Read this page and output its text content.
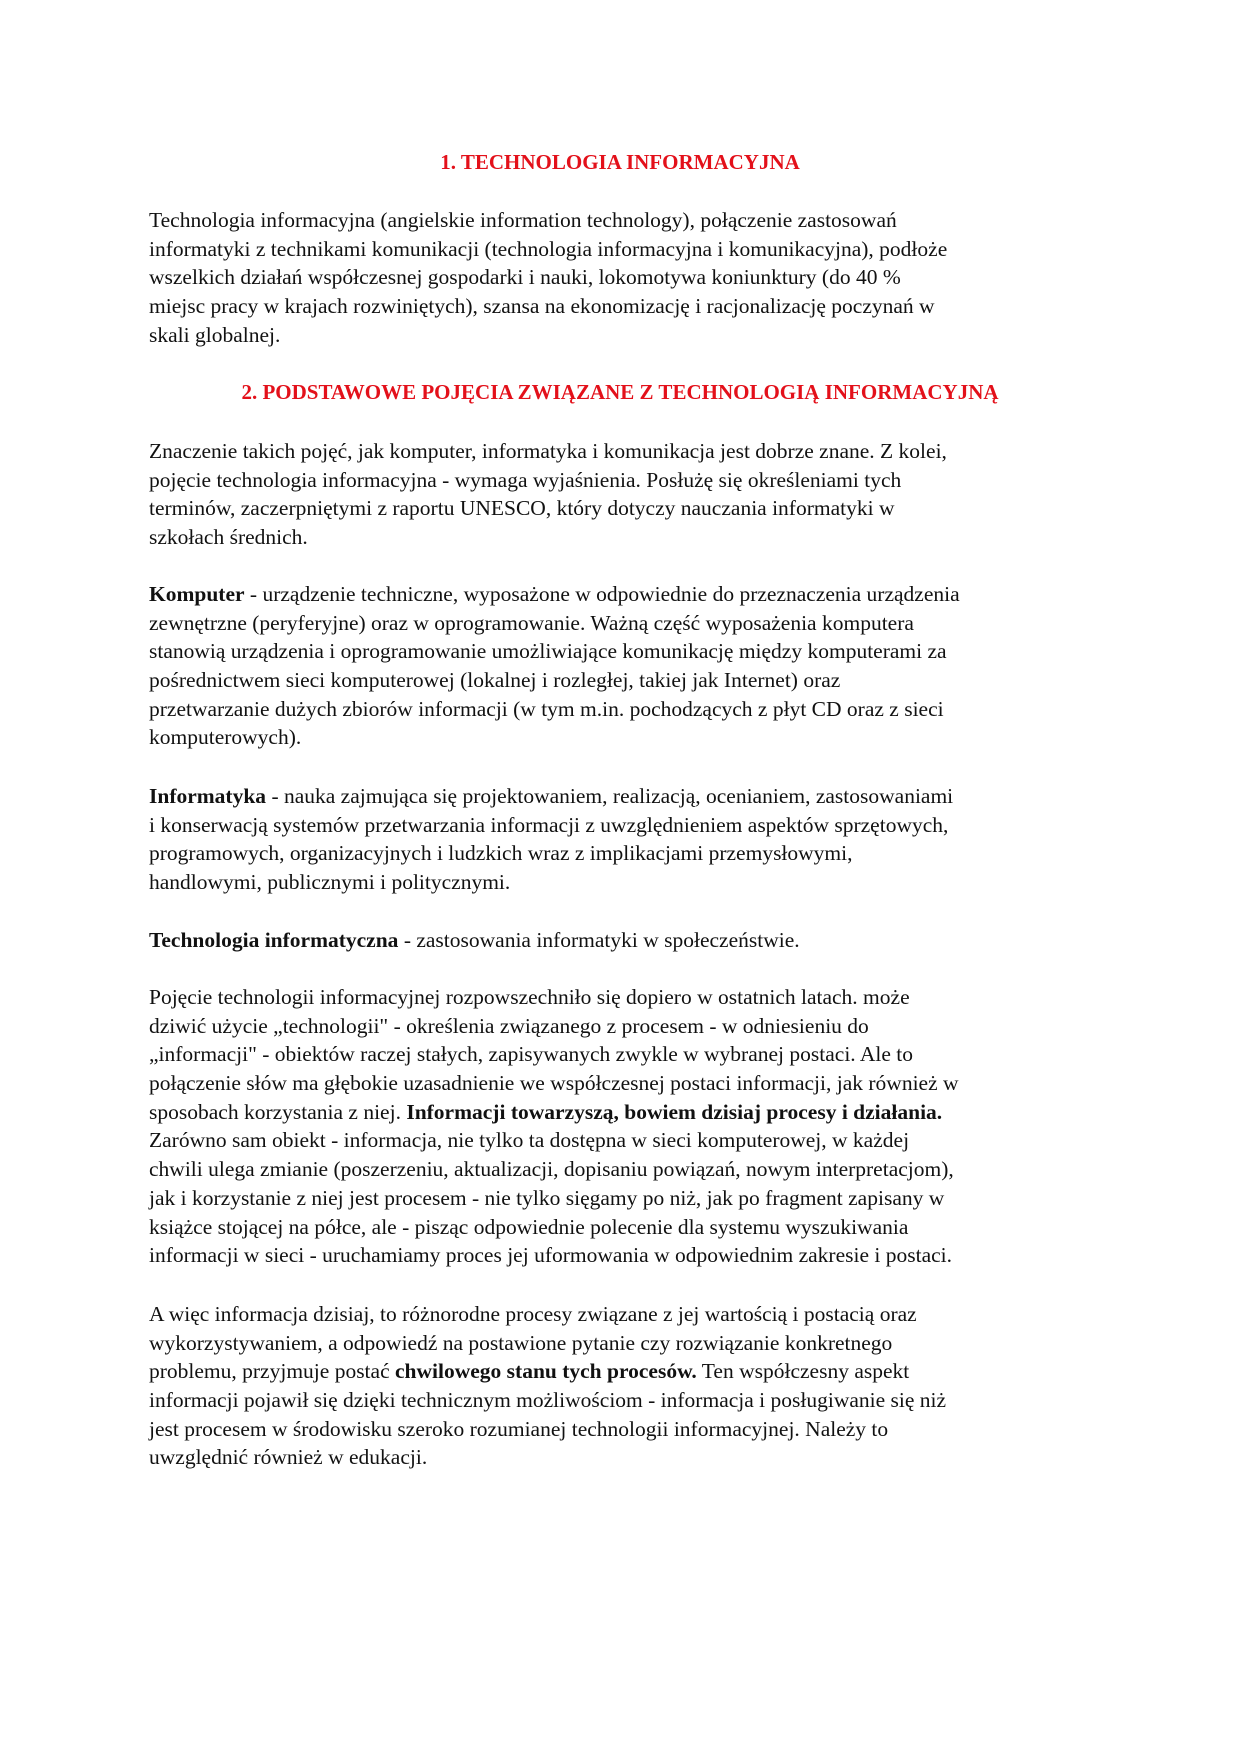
1. TECHNOLOGIA INFORMACYJNA
Technologia informacyjna (angielskie information technology), połączenie zastosowań
informatyki z technikami komunikacji (technologia informacyjna i komunikacyjna), podłoże
wszelkich działań współczesnej gospodarki i nauki, lokomotywa koniunktury (do 40 %
miejsc pracy w krajach rozwiniętych), szansa na ekonomizację i racjonalizację poczynań w
skali globalnej.
2. PODSTAWOWE POJĘCIA ZWIĄZANE Z TECHNOLOGIĄ INFORMACYJNĄ
Znaczenie takich pojęć, jak komputer, informatyka i komunikacja jest dobrze znane. Z kolei,
pojęcie technologia informacyjna - wymaga wyjaśnienia. Posłużę się określeniami tych
terminów, zaczerpniętymi z raportu UNESCO, który dotyczy nauczania informatyki w
szkołach średnich.
Komputer - urządzenie techniczne, wyposażone w odpowiednie do przeznaczenia urządzenia
zewnętrzne (peryferyjne) oraz w oprogramowanie. Ważną część wyposażenia komputera
stanowią urządzenia i oprogramowanie umożliwiające komunikację między komputerami za
pośrednictwem sieci komputerowej (lokalnej i rozległej, takiej jak Internet) oraz
przetwarzanie dużych zbiorów informacji (w tym m.in. pochodzących z płyt CD oraz z sieci
komputerowych).
Informatyka - nauka zajmująca się projektowaniem, realizacją, ocenianiem, zastosowaniami
i konserwacją systemów przetwarzania informacji z uwzględnieniem aspektów sprzętowych,
programowych, organizacyjnych i ludzkich wraz z implikacjami przemysłowymi,
handlowymi, publicznymi i politycznymi.
Technologia informatyczna - zastosowania informatyki w społeczeństwie.
Pojęcie technologii informacyjnej rozpowszechniło się dopiero w ostatnich latach. może
dziwić użycie „technologii" - określenia związanego z procesem - w odniesieniu do
„informacji" - obiektów raczej stałych, zapisywanych zwykle w wybranej postaci. Ale to
połączenie słów ma głębokie uzasadnienie we współczesnej postaci informacji, jak również w
sposobach korzystania z niej. Informacji towarzyszą, bowiem dzisiaj procesy i działania.
Zarówno sam obiekt - informacja, nie tylko ta dostępna w sieci komputerowej, w każdej
chwili ulega zmianie (poszerzeniu, aktualizacji, dopisaniu powiązań, nowym interpretacjom),
jak i korzystanie z niej jest procesem - nie tylko sięgamy po niż, jak po fragment zapisany w
książce stojącej na półce, ale - pisząc odpowiednie polecenie dla systemu wyszukiwania
informacji w sieci - uruchamiamy proces jej uformowania w odpowiednim zakresie i postaci.
A więc informacja dzisiaj, to różnorodne procesy związane z jej wartością i postacią oraz
wykorzystywaniem, a odpowiedź na postawione pytanie czy rozwiązanie konkretnego
problemu, przyjmuje postać chwilowego stanu tych procesów. Ten współczesny aspekt
informacji pojawił się dzięki technicznym możliwościom - informacja i posługiwanie się niż
jest procesem w środowisku szeroko rozumianej technologii informacyjnej. Należy to
uwzględnić również w edukacji.
